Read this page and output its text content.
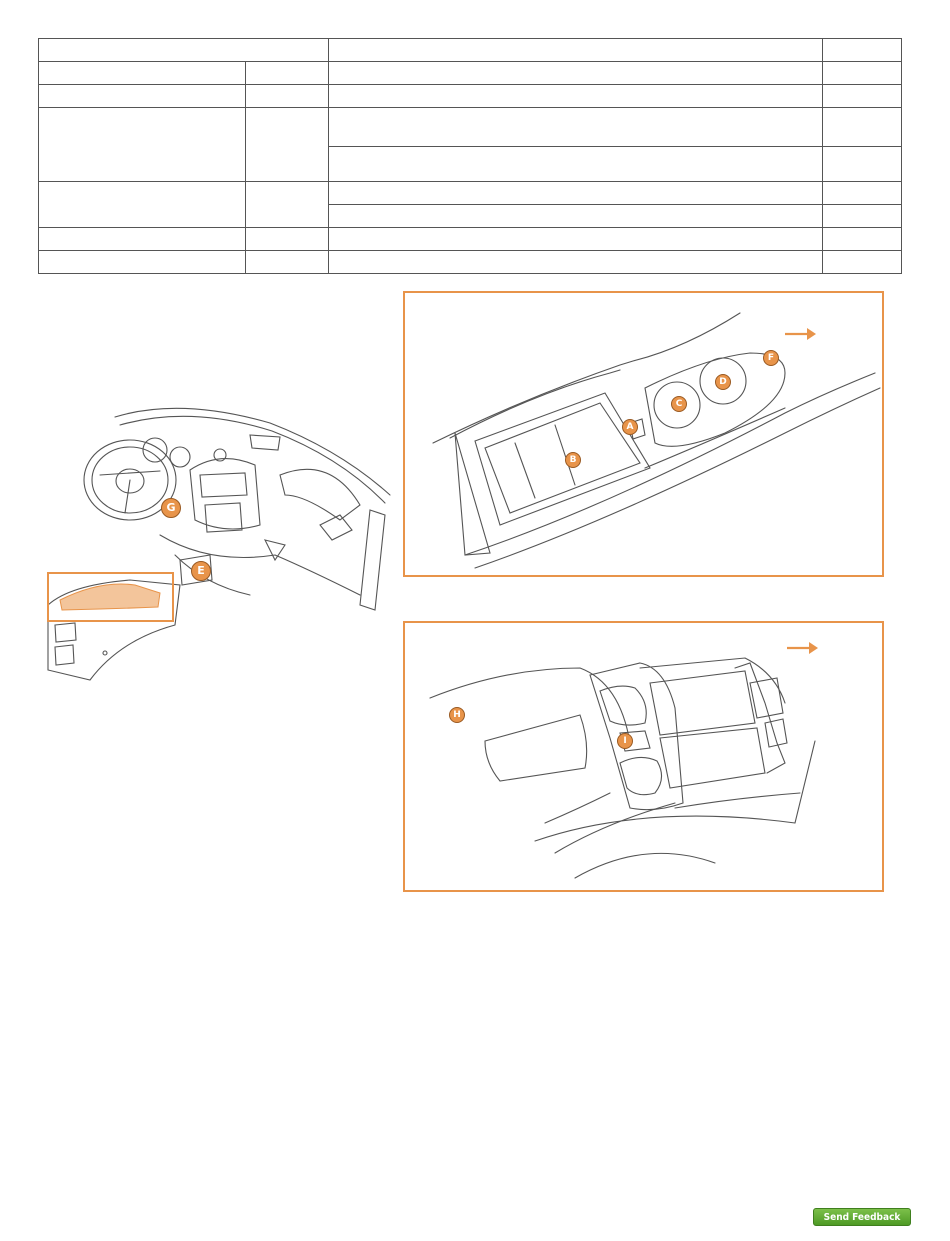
G
E
A
B
C
D
F
H
I
Send Feedback
